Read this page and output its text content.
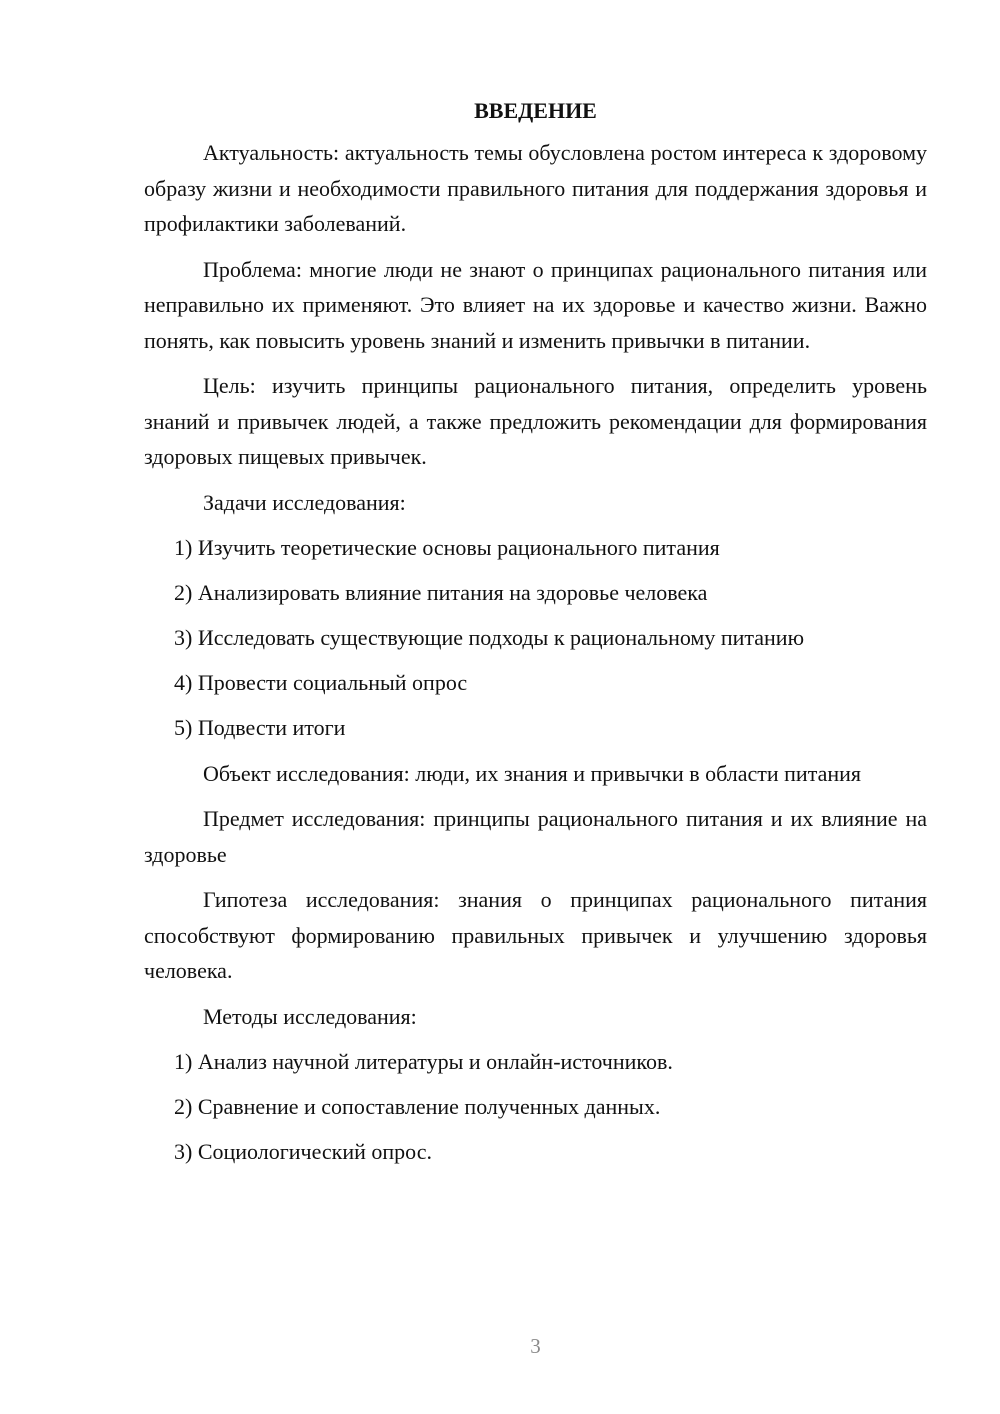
ВВЕДЕНИЕ

Актуальность: актуальность темы обусловлена ростом интереса к здоровому образу жизни и необходимости правильного питания для поддержания здоровья и профилактики заболеваний.

Проблема: многие люди не знают о принципах рационального питания или неправильно их применяют. Это влияет на их здоровье и качество жизни. Важно понять, как повысить уровень знаний и изменить привычки в питании.

Цель: изучить принципы рационального питания, определить уровень знаний и привычек людей, а также предложить рекомендации для формирования здоровых пищевых привычек.

Задачи исследования:

1) Изучить теоретические основы рационального питания
2) Анализировать влияние питания на здоровье человека
3) Исследовать существующие подходы к рациональному питанию
4) Провести социальный опрос
5) Подвести итоги

Объект исследования: люди, их знания и привычки в области питания

Предмет исследования: принципы рационального питания и их влияние на здоровье

Гипотеза исследования: знания о принципах рационального питания способствуют формированию правильных привычек и улучшению здоровья человека.

Методы исследования:

1) Анализ научной литературы и онлайн-источников.
2) Сравнение и сопоставление полученных данных.
3) Социологический опрос.
3
